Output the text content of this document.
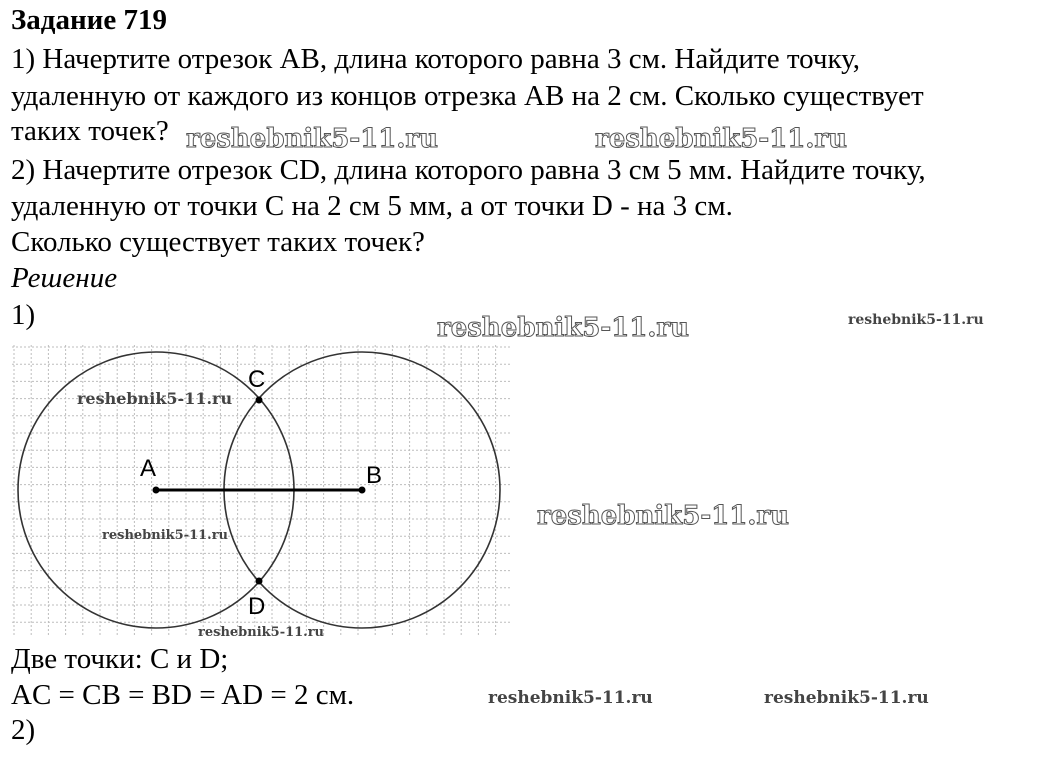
Задание 719

1) Начертите отрезок AB, длина которого равна 3 см. Найдите точку,

удаленную от каждого из концов отрезка AB на 2 см. Сколько существует

таких точек?

2) Начертите отрезок CD, длина которого равна 3 см 5 мм. Найдите точку,

удаленную от точки C на 2 см 5 мм, а от точки D - на 3 см.

Сколько существует таких точек?

Решение

1)

A	B
C
D

Две точки: C и D;

AC = CB = BD = AD = 2 см.

2)

reshebnik5-11.ru	reshebnik5-11.ru
reshebnik5-11.ru	reshebnik5-11.ru
reshebnik5-11.ru
reshebnik5-11.ru
reshebnik5-11.ru
reshebnik5-11.ru
reshebnik5-11.ru	reshebnik5-11.ru
